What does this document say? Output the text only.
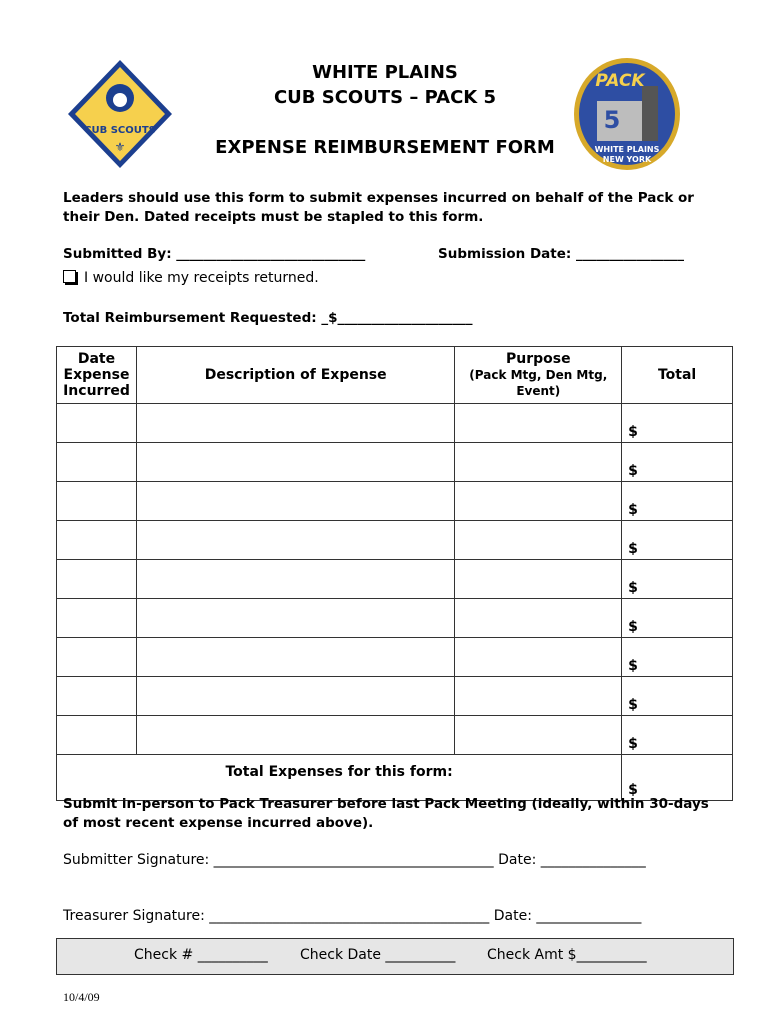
CUB SCOUTS
⚜
PACK
5
WHITE PLAINS
NEW YORK
WHITE PLAINS
CUB SCOUTS – PACK 5
EXPENSE REIMBURSEMENT FORM
Leaders should use this form to submit expenses incurred on behalf of the Pack or
their Den. Dated receipts must be stapled to this form.
Submitted By: ____________________________	Submission Date: ________________
I would like my receipts returned.
Total Reimbursement Requested: _$____________________
Date
Expense
Incurred	Description of Expense	Purpose
(Pack Mtg, Den Mtg,
Event)	Total
			$
			$
			$
			$
			$
			$
			$
			$
			$
Total Expenses for this form:			$
Submit in-person to Pack Treasurer before last Pack Meeting (ideally, within 30-days
of most recent expense incurred above).
Submitter Signature: ________________________________________ Date: _______________
Treasurer Signature: ________________________________________ Date: _______________
Check # __________ Check Date __________ Check Amt $__________
10/4/09
